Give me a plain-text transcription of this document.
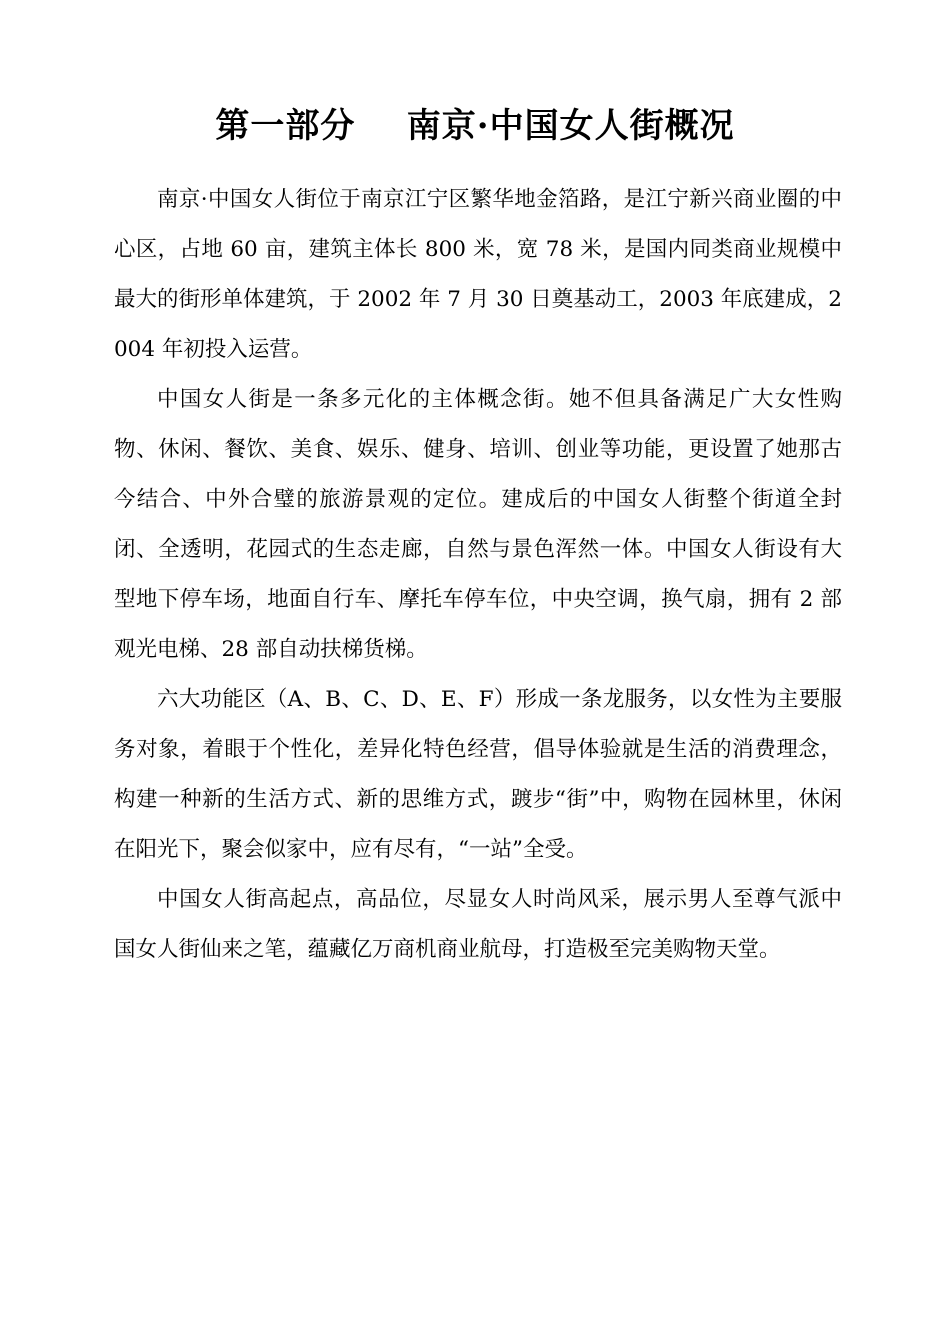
第一部分    南京·中国女人街概况

南京·中国女人街位于南京江宁区繁华地金箔路，是江宁新兴商业圈的中心区，占地 60 亩，建筑主体长 800 米，宽 78 米，是国内同类商业规模中最大的街形单体建筑，于 2002 年 7 月 30 日奠基动工，2003 年底建成，2004 年初投入运营。

中国女人街是一条多元化的主体概念街。她不但具备满足广大女性购物、休闲、餐饮、美食、娱乐、健身、培训、创业等功能，更设置了她那古今结合、中外合璧的旅游景观的定位。建成后的中国女人街整个街道全封闭、全透明，花园式的生态走廊，自然与景色浑然一体。中国女人街设有大型地下停车场，地面自行车、摩托车停车位，中央空调，换气扇，拥有 2 部观光电梯、28 部自动扶梯货梯。

六大功能区（A、B、C、D、E、F）形成一条龙服务，以女性为主要服务对象，着眼于个性化，差异化特色经营，倡导体验就是生活的消费理念，构建一种新的生活方式、新的思维方式，踱步“街”中，购物在园林里，休闲在阳光下，聚会似家中，应有尽有，“一站”全受。

中国女人街高起点，高品位，尽显女人时尚风采，展示男人至尊气派中国女人街仙来之笔，蕴藏亿万商机商业航母，打造极至完美购物天堂。
